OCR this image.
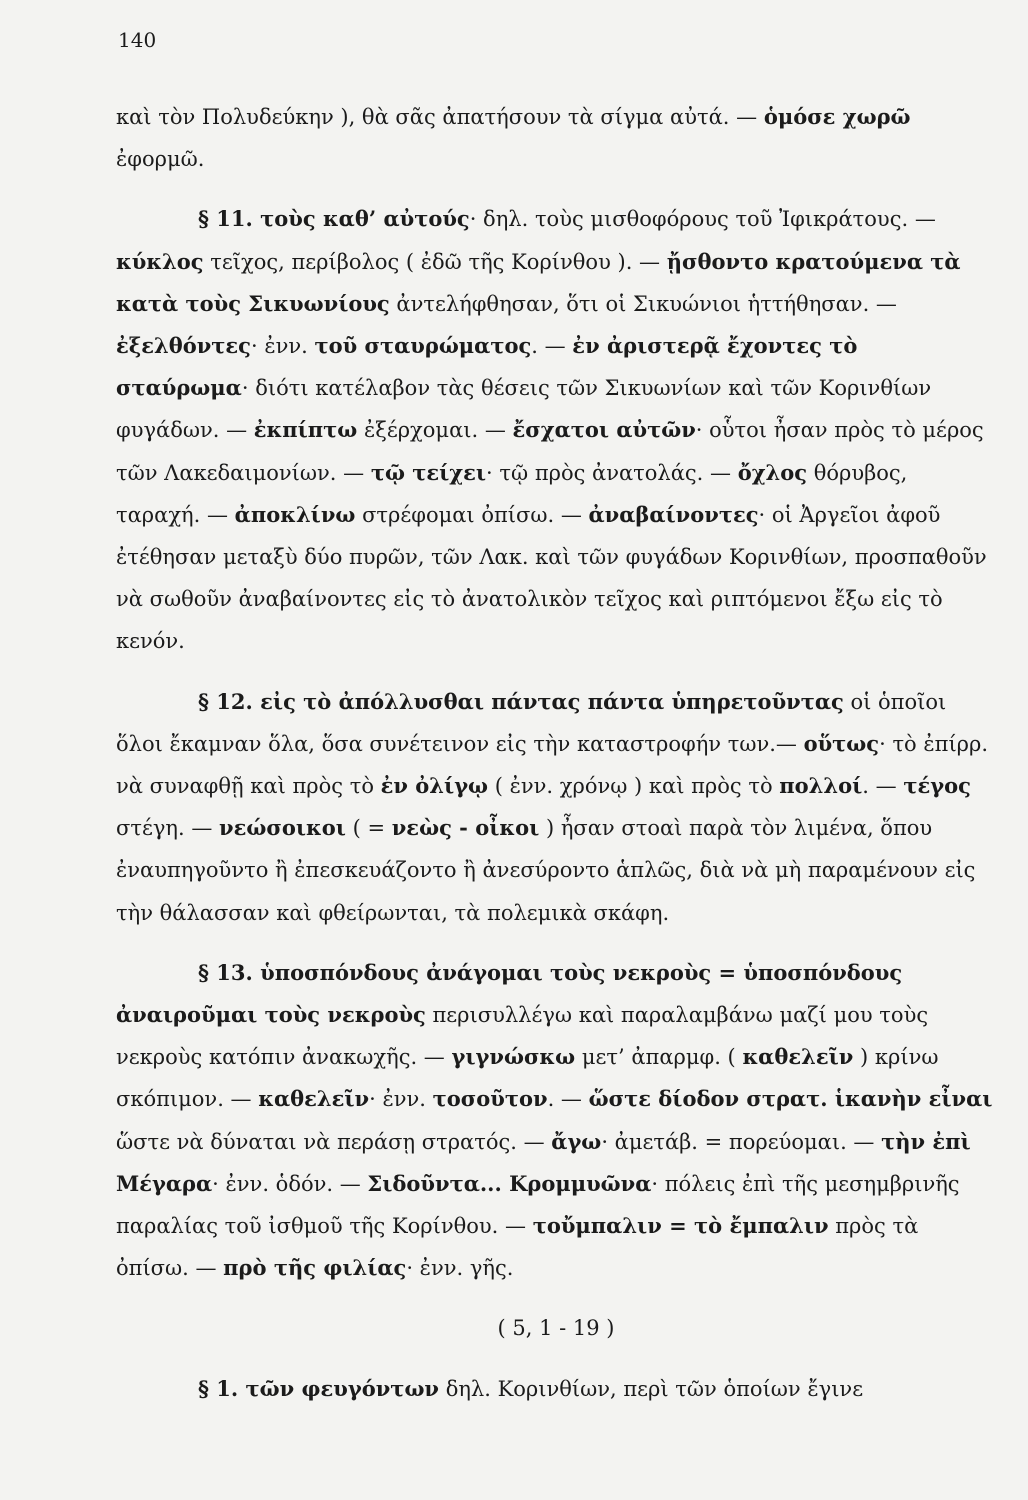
140

καὶ τὸν Πολυδεύκην ), θὰ σᾶς ἀπατήσουν τὰ σίγμα αὐτά. — ὁμόσε χωρῶ ἐφορμῶ.

§ 11. τοὺς καθ’ αὐτούς· δηλ. τοὺς μισθοφόρους τοῦ Ἰφικράτους. — κύκλος τεῖχος, περίβολος ( ἐδῶ τῆς Κορίνθου ). — ᾔσθοντο κρατούμενα τὰ κατὰ τοὺς Σικυωνίους ἀντελήφθησαν, ὅτι οἱ Σικυώνιοι ἡττήθησαν. — ἐξελθόντες· ἐνν. τοῦ σταυρώματος. — ἐν ἀριστερᾷ ἔχοντες τὸ σταύρωμα· διότι κατέλαβον τὰς θέσεις τῶν Σικυωνίων καὶ τῶν Κορινθίων φυγάδων. — ἐκπίπτω ἐξέρχομαι. — ἔσχατοι αὐτῶν· οὗτοι ἦσαν πρὸς τὸ μέρος τῶν Λακεδαιμονίων. — τῷ τείχει· τῷ πρὸς ἀνατολάς. — ὄχλος θόρυβος, ταραχή. — ἀποκλίνω στρέφομαι ὀπίσω. — ἀναβαίνοντες· οἱ Ἀργεῖοι ἀφοῦ ἐτέθησαν μεταξὺ δύο πυρῶν, τῶν Λακ. καὶ τῶν φυγάδων Κορινθίων, προσπαθοῦν νὰ σωθοῦν ἀναβαίνοντες εἰς τὸ ἀνατολικὸν τεῖχος καὶ ριπτόμενοι ἔξω εἰς τὸ κενόν.

§ 12. εἰς τὸ ἀπόλλυσθαι πάντας πάντα ὑπηρετοῦντας οἱ ὁποῖοι ὅλοι ἔκαμναν ὅλα, ὅσα συνέτεινον εἰς τὴν καταστροφήν των.— οὕτως· τὸ ἐπίρρ. νὰ συναφθῇ καὶ πρὸς τὸ ἐν ὀλίγῳ ( ἐνν. χρόνῳ ) καὶ πρὸς τὸ πολλοί. — τέγος στέγη. — νεώσοικοι ( = νεὼς - οἶκοι ) ἦσαν στοαὶ παρὰ τὸν λιμένα, ὅπου ἐναυπηγοῦντο ἢ ἐπεσκευάζοντο ἢ ἀνεσύροντο ἁπλῶς, διὰ νὰ μὴ παραμένουν εἰς τὴν θάλασσαν καὶ φθείρωνται, τὰ πολεμικὰ σκάφη.

§ 13. ὑποσπόνδους ἀνάγομαι τοὺς νεκροὺς = ὑποσπόνδους ἀναιροῦμαι τοὺς νεκροὺς περισυλλέγω καὶ παραλαμβάνω μαζί μου τοὺς νεκροὺς κατόπιν ἀνακωχῆς. — γιγνώσκω μετ’ ἀπαρμφ. ( καθελεῖν ) κρίνω σκόπιμον. — καθελεῖν· ἐνν. τοσοῦτον. — ὥστε δίοδον στρατ. ἱκανὴν εἶναι ὥστε νὰ δύναται νὰ περάσῃ στρατός. — ἄγω· ἀμετάβ. = πορεύομαι. — τὴν ἐπὶ Μέγαρα· ἐνν. ὁδόν. — Σιδοῦντα... Κρομμυῶνα· πόλεις ἐπὶ τῆς μεσημβρινῆς παραλίας τοῦ ἰσθμοῦ τῆς Κορίνθου. — τοὔμπαλιν = τὸ ἔμπαλιν πρὸς τὰ ὀπίσω. — πρὸ τῆς φιλίας· ἐνν. γῆς.

( 5, 1 - 19 )

§ 1. τῶν φευγόντων δηλ. Κορινθίων, περὶ τῶν ὁποίων ἔγινε
